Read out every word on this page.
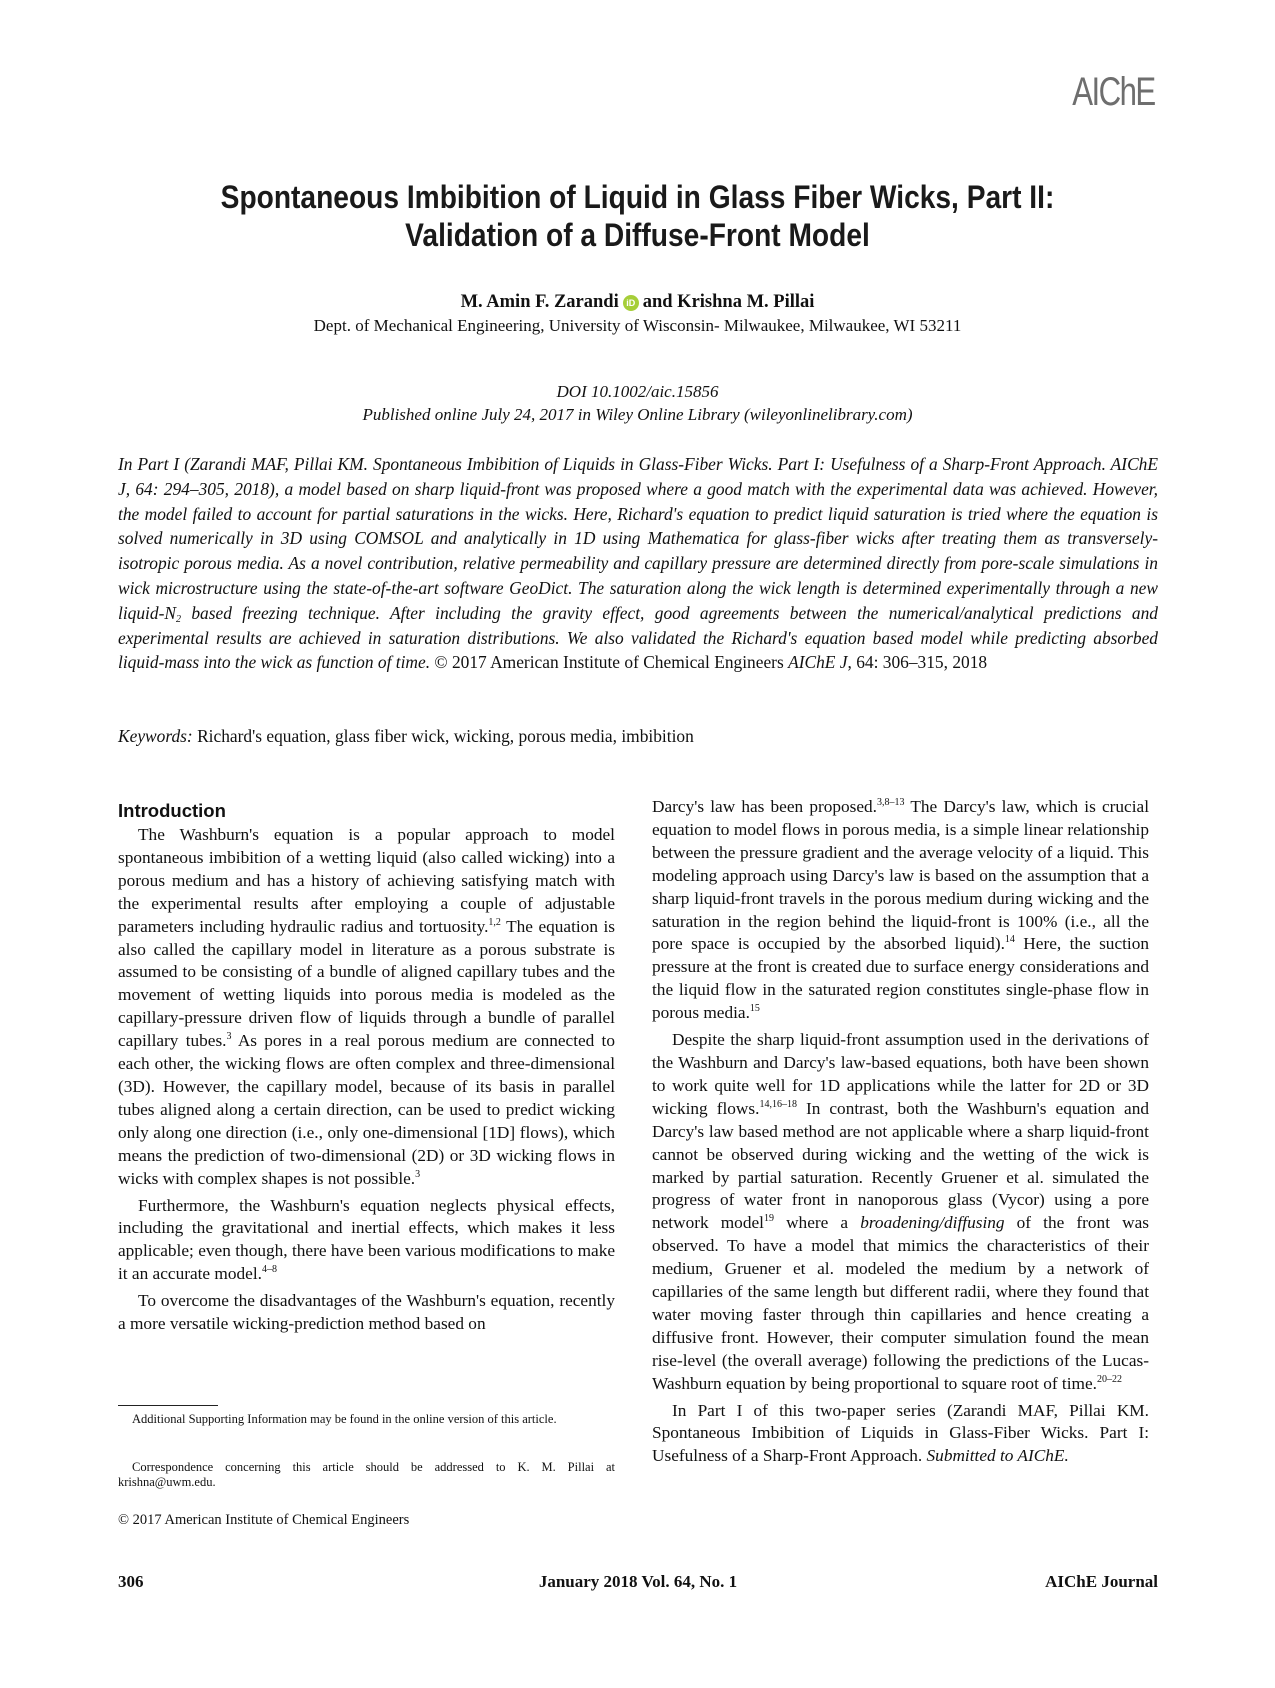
AIChE
Spontaneous Imbibition of Liquid in Glass Fiber Wicks, Part II:
Validation of a Diffuse-Front Model
M. Amin F. Zarandi iD and Krishna M. Pillai
Dept. of Mechanical Engineering, University of Wisconsin- Milwaukee, Milwaukee, WI 53211
DOI 10.1002/aic.15856
Published online July 24, 2017 in Wiley Online Library (wileyonlinelibrary.com)
In Part I (Zarandi MAF, Pillai KM. Spontaneous Imbibition of Liquids in Glass-Fiber Wicks. Part I: Usefulness of a Sharp-Front Approach. AIChE J, 64: 294–305, 2018), a model based on sharp liquid-front was proposed where a good match with the experimental data was achieved. However, the model failed to account for partial saturations in the wicks. Here, Richard's equation to predict liquid saturation is tried where the equation is solved numerically in 3D using COMSOL and analytically in 1D using Mathematica for glass-fiber wicks after treating them as transversely-isotropic porous media. As a novel contribution, relative permeability and capillary pressure are determined directly from pore-scale simulations in wick microstructure using the state-of-the-art software GeoDict. The saturation along the wick length is determined experimentally through a new liquid-$N_2$ based freezing technique. After including the gravity effect, good agreements between the numerical/analytical predictions and experimental results are achieved in saturation distributions. We also validated the Richard's equation based model while predicting absorbed liquid-mass into the wick as function of time. © 2017 American Institute of Chemical Engineers AIChE J, 64: 306–315, 2018
Keywords: Richard's equation, glass fiber wick, wicking, porous media, imbibition
Introduction

The Washburn's equation is a popular approach to model spontaneous imbibition of a wetting liquid (also called wicking) into a porous medium and has a history of achieving satisfying match with the experimental results after employing a couple of adjustable parameters including hydraulic radius and tortuosity.$^{1,2}$ The equation is also called the capillary model in literature as a porous substrate is assumed to be consisting of a bundle of aligned capillary tubes and the movement of wetting liquids into porous media is modeled as the capillary-pressure driven flow of liquids through a bundle of parallel capillary tubes.$^3$ As pores in a real porous medium are connected to each other, the wicking flows are often complex and three-dimensional (3D). However, the capillary model, because of its basis in parallel tubes aligned along a certain direction, can be used to predict wicking only along one direction (i.e., only one-dimensional [1D] flows), which means the prediction of two-dimensional (2D) or 3D wicking flows in wicks with complex shapes is not possible.$^3$

Furthermore, the Washburn's equation neglects physical effects, including the gravitational and inertial effects, which makes it less applicable; even though, there have been various modifications to make it an accurate model.$^{4-8}$

To overcome the disadvantages of the Washburn's equation, recently a more versatile wicking-prediction method based on

Darcy's law has been proposed.$^{3,8-13}$ The Darcy's law, which is crucial equation to model flows in porous media, is a simple linear relationship between the pressure gradient and the average velocity of a liquid. This modeling approach using Darcy's law is based on the assumption that a sharp liquid-front travels in the porous medium during wicking and the saturation in the region behind the liquid-front is 100% (i.e., all the pore space is occupied by the absorbed liquid).$^{14}$ Here, the suction pressure at the front is created due to surface energy considerations and the liquid flow in the saturated region constitutes single-phase flow in porous media.$^{15}$

Despite the sharp liquid-front assumption used in the derivations of the Washburn and Darcy's law-based equations, both have been shown to work quite well for 1D applications while the latter for 2D or 3D wicking flows.$^{14,16-18}$ In contrast, both the Washburn's equation and Darcy's law based method are not applicable where a sharp liquid-front cannot be observed during wicking and the wetting of the wick is marked by partial saturation. Recently Gruener et al. simulated the progress of water front in nanoporous glass (Vycor) using a pore network model$^{19}$ where a broadening/diffusing of the front was observed. To have a model that mimics the characteristics of their medium, Gruener et al. modeled the medium by a network of capillaries of the same length but different radii, where they found that water moving faster through thin capillaries and hence creating a diffusive front. However, their computer simulation found the mean rise-level (the overall average) following the predictions of the Lucas-Washburn equation by being proportional to square root of time.$^{20-22}$

In Part I of this two-paper series (Zarandi MAF, Pillai KM. Spontaneous Imbibition of Liquids in Glass-Fiber Wicks. Part I: Usefulness of a Sharp-Front Approach. Submitted to AIChE.

Additional Supporting Information may be found in the online version of this article.
Correspondence concerning this article should be addressed to K. M. Pillai at krishna@uwm.edu.
© 2017 American Institute of Chemical Engineers
306	January 2018 Vol. 64, No. 1	AIChE Journal
